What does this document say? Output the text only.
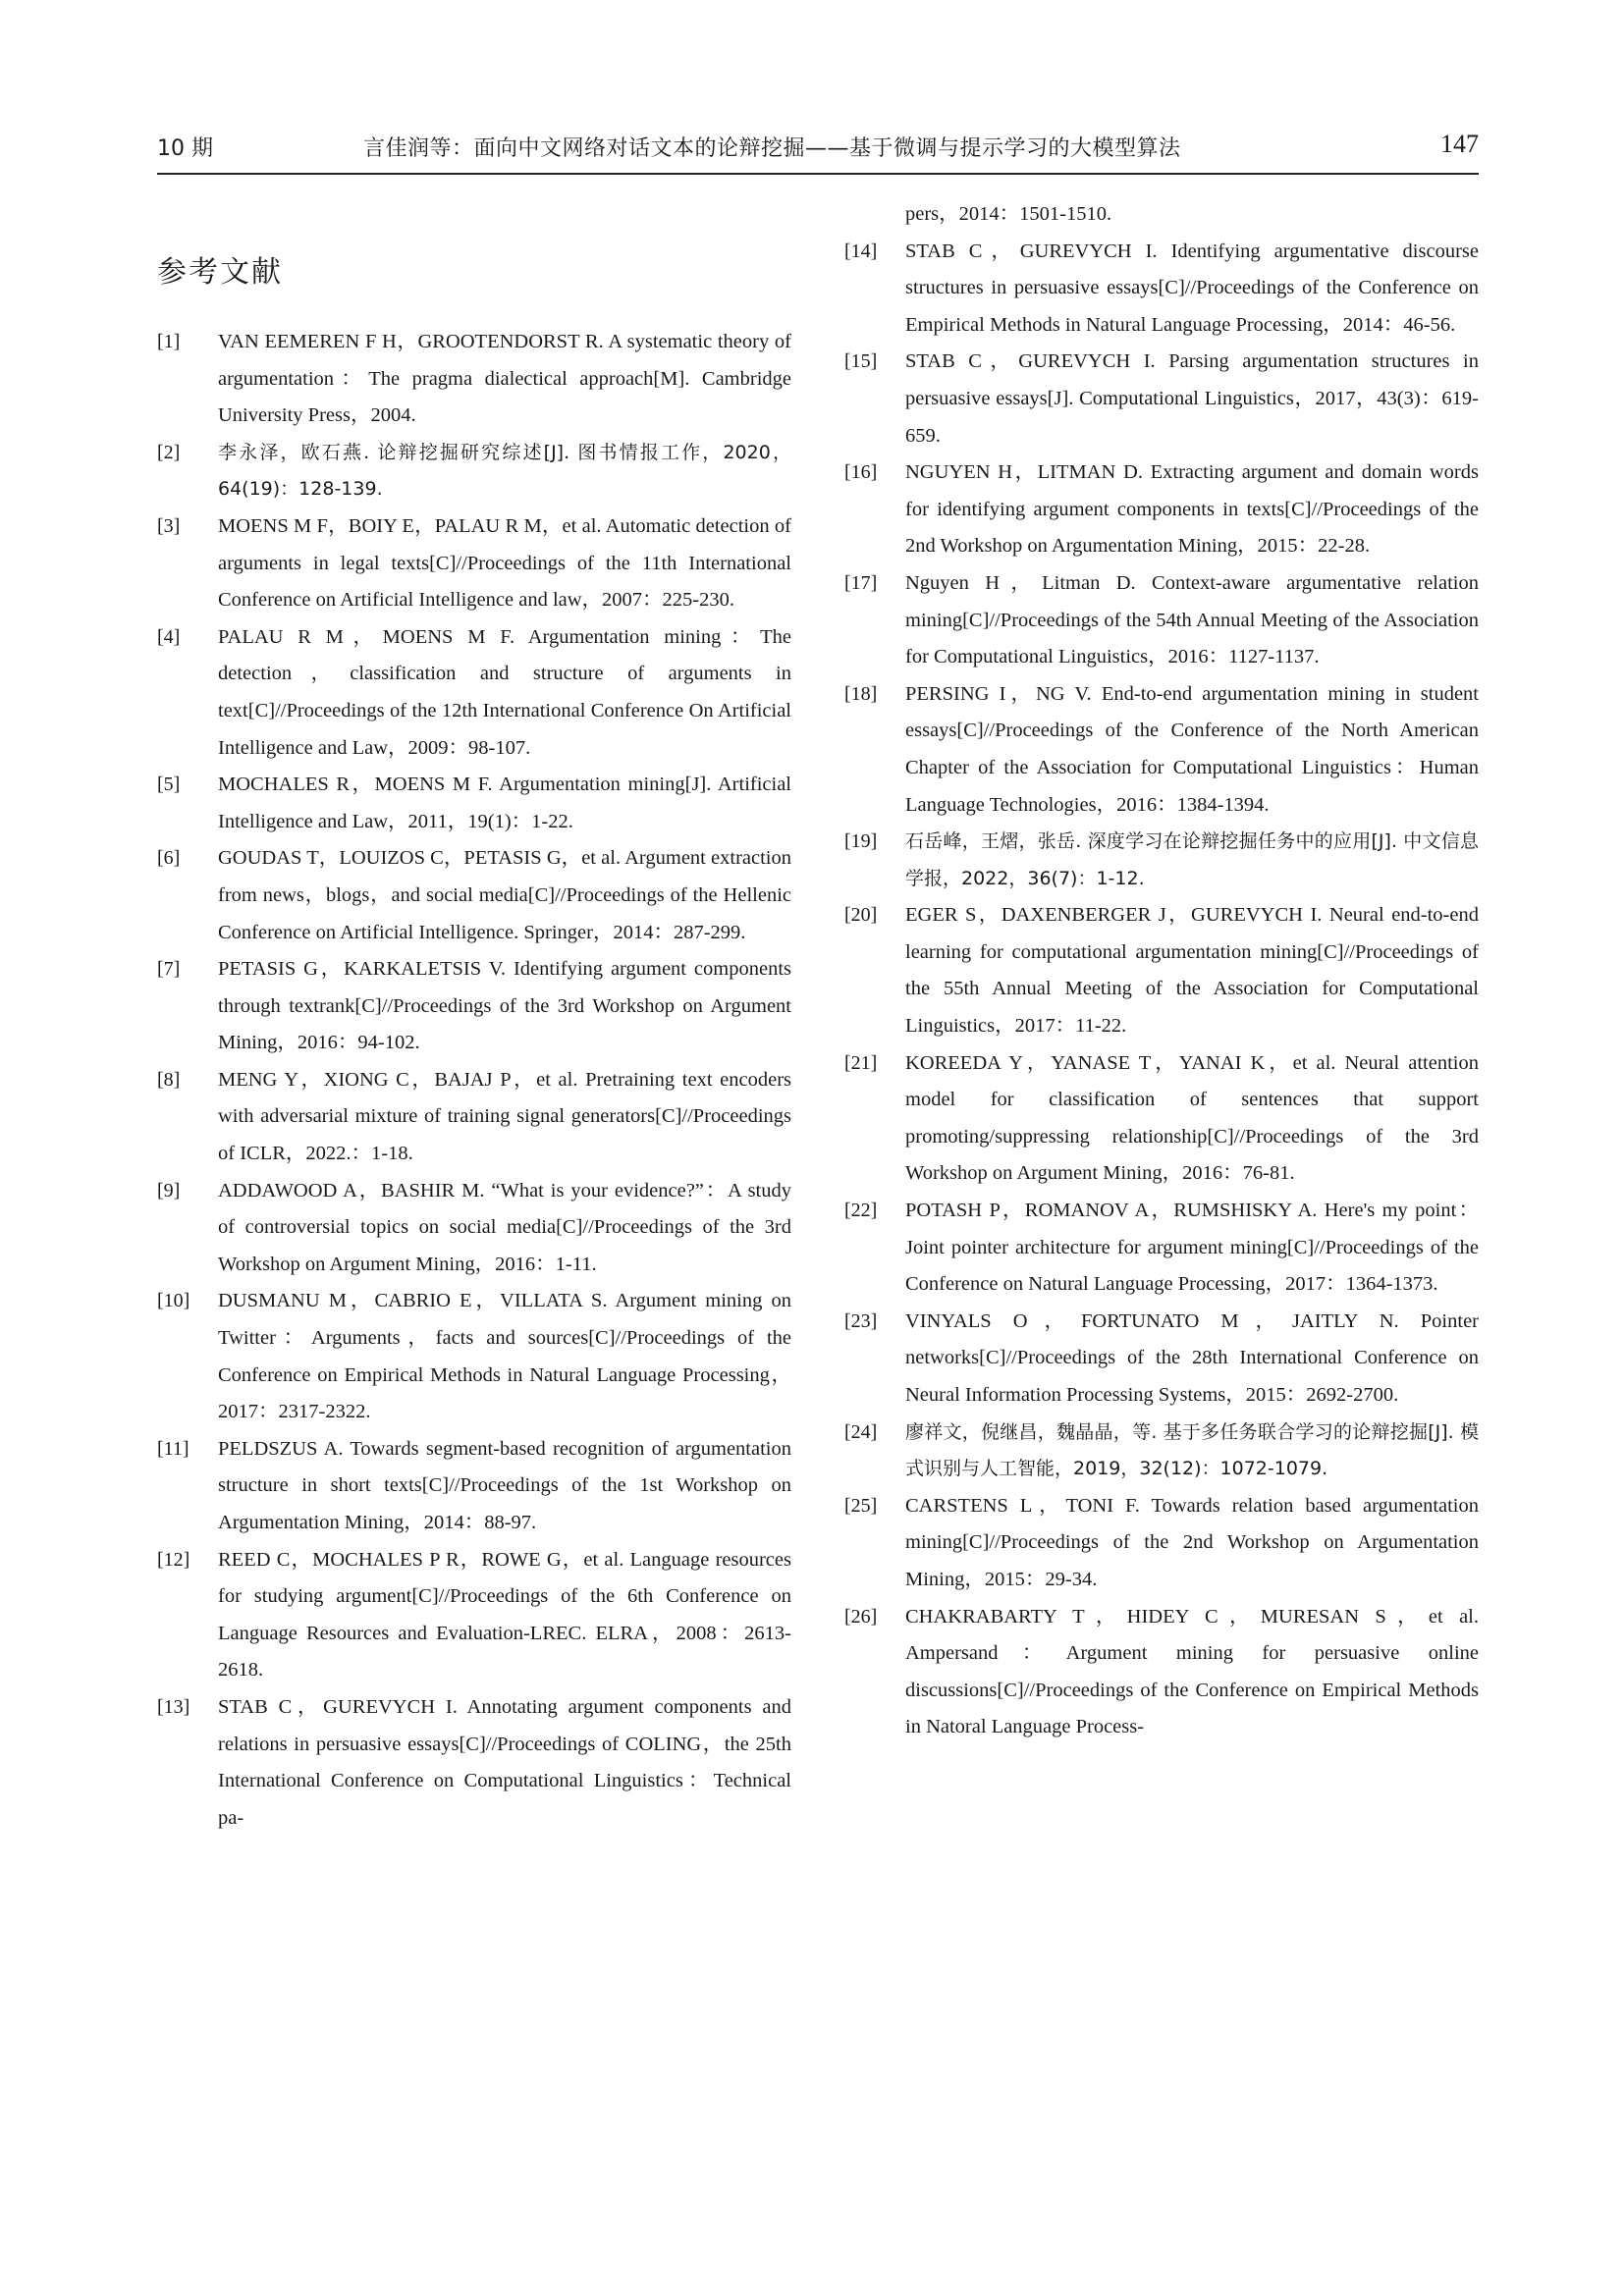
10 期	言佳润等：面向中文网络对话文本的论辩挖掘——基于微调与提示学习的大模型算法	147
参考文献
[1]	VAN EEMEREN F H，GROOTENDORST R. A systematic theory of argumentation：The pragma dialectical approach[M]. Cambridge University Press，2004.
[2]	李永泽，欧石燕. 论辩挖掘研究综述[J]. 图书情报工作，2020，64(19)：128-139.
[3]	MOENS M F，BOIY E，PALAU R M，et al. Automatic detection of arguments in legal texts[C]//Proceedings of the 11th International Conference on Artificial Intelligence and law，2007：225-230.
[4]	PALAU R M，MOENS M F. Argumentation mining：The detection，classification and structure of arguments in text[C]//Proceedings of the 12th International Conference On Artificial Intelligence and Law，2009：98-107.
[5]	MOCHALES R，MOENS M F. Argumentation mining[J]. Artificial Intelligence and Law，2011，19(1)：1-22.
[6]	GOUDAS T，LOUIZOS C，PETASIS G，et al. Argument extraction from news，blogs，and social media[C]//Proceedings of the Hellenic Conference on Artificial Intelligence. Springer，2014：287-299.
[7]	PETASIS G，KARKALETSIS V. Identifying argument components through textrank[C]//Proceedings of the 3rd Workshop on Argument Mining，2016：94-102.
[8]	MENG Y，XIONG C，BAJAJ P，et al. Pretraining text encoders with adversarial mixture of training signal generators[C]//Proceedings of ICLR，2022.：1-18.
[9]	ADDAWOOD A，BASHIR M. “What is your evidence?”：A study of controversial topics on social media[C]//Proceedings of the 3rd Workshop on Argument Mining，2016：1-11.
[10]	DUSMANU M，CABRIO E，VILLATA S. Argument mining on Twitter：Arguments，facts and sources[C]//Proceedings of the Conference on Empirical Methods in Natural Language Processing，2017：2317-2322.
[11]	PELDSZUS A. Towards segment-based recognition of argumentation structure in short texts[C]//Proceedings of the 1st Workshop on Argumentation Mining，2014：88-97.
[12]	REED C，MOCHALES P R，ROWE G，et al. Language resources for studying argument[C]//Proceedings of the 6th Conference on Language Resources and Evaluation-LREC. ELRA，2008：2613-2618.
[13]	STAB C，GUREVYCH I. Annotating argument components and relations in persuasive essays[C]//Proceedings of COLING，the 25th International Conference on Computational Linguistics：Technical pa-
pers，2014：1501-1510.
[14]	STAB C，GUREVYCH I. Identifying argumentative discourse structures in persuasive essays[C]//Proceedings of the Conference on Empirical Methods in Natural Language Processing，2014：46-56.
[15]	STAB C，GUREVYCH I. Parsing argumentation structures in persuasive essays[J]. Computational Linguistics，2017，43(3)：619-659.
[16]	NGUYEN H，LITMAN D. Extracting argument and domain words for identifying argument components in texts[C]//Proceedings of the 2nd Workshop on Argumentation Mining，2015：22-28.
[17]	Nguyen H，Litman D. Context-aware argumentative relation mining[C]//Proceedings of the 54th Annual Meeting of the Association for Computational Linguistics，2016：1127-1137.
[18]	PERSING I，NG V. End-to-end argumentation mining in student essays[C]//Proceedings of the Conference of the North American Chapter of the Association for Computational Linguistics：Human Language Technologies，2016：1384-1394.
[19]	石岳峰，王熠，张岳. 深度学习在论辩挖掘任务中的应用[J]. 中文信息学报，2022，36(7)：1-12.
[20]	EGER S，DAXENBERGER J，GUREVYCH I. Neural end-to-end learning for computational argumentation mining[C]//Proceedings of the 55th Annual Meeting of the Association for Computational Linguistics，2017：11-22.
[21]	KOREEDA Y，YANASE T，YANAI K，et al. Neural attention model for classification of sentences that support promoting/suppressing relationship[C]//Proceedings of the 3rd Workshop on Argument Mining，2016：76-81.
[22]	POTASH P，ROMANOV A，RUMSHISKY A. Here's my point：Joint pointer architecture for argument mining[C]//Proceedings of the Conference on Natural Language Processing，2017：1364-1373.
[23]	VINYALS O，FORTUNATO M，JAITLY N. Pointer networks[C]//Proceedings of the 28th International Conference on Neural Information Processing Systems，2015：2692-2700.
[24]	廖祥文，倪继昌，魏晶晶，等. 基于多任务联合学习的论辩挖掘[J]. 模式识别与人工智能，2019，32(12)：1072-1079.
[25]	CARSTENS L，TONI F. Towards relation based argumentation mining[C]//Proceedings of the 2nd Workshop on Argumentation Mining，2015：29-34.
[26]	CHAKRABARTY T，HIDEY C，MURESAN S，et al. Ampersand：Argument mining for persuasive online discussions[C]//Proceedings of the Conference on Empirical Methods in Natoral Language Process-
